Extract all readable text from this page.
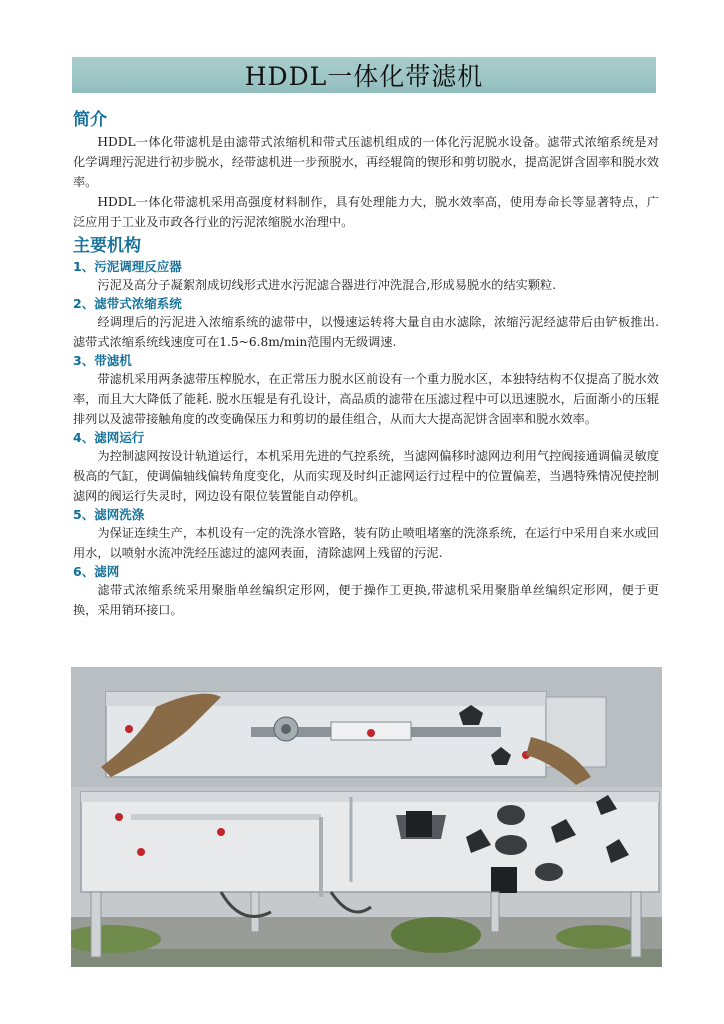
HDDL一体化带滤机
简介

HDDL一体化带滤机是由滤带式浓缩机和带式压滤机组成的一体化污泥脱水设备。滤带式浓缩系统是对化学调理污泥进行初步脱水，经带滤机进一步预脱水，再经辊筒的锲形和剪切脱水，提高泥饼含固率和脱水效率。

HDDL一体化带滤机采用高强度材料制作，具有处理能力大，脱水效率高，使用寿命长等显著特点，广泛应用于工业及市政各行业的污泥浓缩脱水治理中。

主要机构
1、污泥调理反应器

污泥及高分子凝絮剂成切线形式进水污泥滤合器进行冲洗混合,形成易脱水的结实颗粒.

2、滤带式浓缩系统

经调理后的污泥进入浓缩系统的滤带中，以慢速运转将大量自由水滤除，浓缩污泥经滤带后由铲板推出. 滤带式浓缩系统线速度可在1.5~6.8m/min范围内无级调速.

3、带滤机

带滤机采用两条滤带压榨脱水，在正常压力脱水区前设有一个重力脱水区，本独特结构不仅提高了脱水效率，而且大大降低了能耗. 脱水压辊是有孔设计，高品质的滤带在压滤过程中可以迅速脱水，后面渐小的压辊排列以及滤带接触角度的改变确保压力和剪切的最佳组合，从而大大提高泥饼含固率和脱水效率。

4、滤网运行

为控制滤网按设计轨道运行，本机采用先进的气控系统，当滤网偏移时滤网边利用气控阀接通调偏灵敏度极高的气缸，使调偏轴线偏转角度变化，从而实现及时纠正滤网运行过程中的位置偏差，当遇特殊情况使控制滤网的阀运行失灵时，网边设有限位装置能自动停机。

5、滤网洗涤

为保证连续生产，本机设有一定的洗涤水管路，装有防止喷咀堵塞的洗涤系统，在运行中采用自来水或回用水，以喷射水流冲洗经压滤过的滤网表面，清除滤网上残留的污泥.

6、滤网

滤带式浓缩系统采用聚脂单丝编织定形网，便于操作工更换,带滤机采用聚脂单丝编织定形网，便于更换，采用销环接口。
